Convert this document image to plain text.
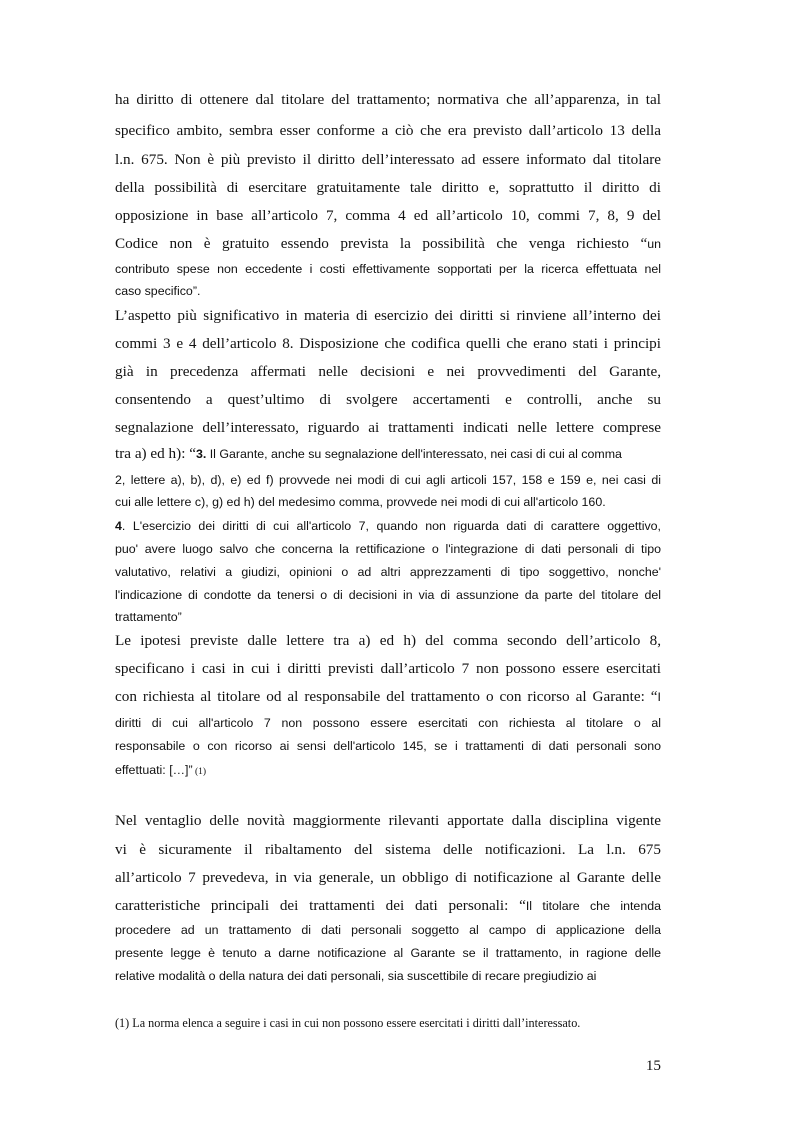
ha diritto di ottenere dal titolare del trattamento; normativa che all’apparenza, in tal
specifico ambito, sembra esser conforme a ciò che era previsto dall’articolo 13 della
l.n. 675. Non è più previsto il diritto dell’interessato ad essere informato dal titolare
della possibilità di esercitare gratuitamente tale diritto e, soprattutto il diritto di
opposizione in base all’articolo 7, comma 4 ed all’articolo 10, commi 7, 8, 9 del
Codice non è gratuito essendo prevista la possibilità che venga richiesto “un
contributo spese non eccedente i costi effettivamente sopportati per la ricerca effettuata nel
caso specifico”.
L’aspetto più significativo in materia di esercizio dei diritti si rinviene all’interno dei
commi 3 e 4 dell’articolo 8. Disposizione che codifica quelli che erano stati i principi
già in precedenza affermati nelle decisioni e nei provvedimenti del Garante,
consentendo a quest’ultimo di svolgere accertamenti e controlli, anche su
segnalazione dell’interessato, riguardo ai trattamenti indicati nelle lettere comprese
tra a) ed h): “3. Il Garante, anche su segnalazione dell'interessato, nei casi di cui al comma
2, lettere a), b), d), e) ed f) provvede nei modi di cui agli articoli 157, 158 e 159 e, nei casi di
cui alle lettere c), g) ed h) del medesimo comma, provvede nei modi di cui all'articolo 160.
4. L'esercizio dei diritti di cui all'articolo 7, quando non riguarda dati di carattere oggettivo,
puo' avere luogo salvo che concerna la rettificazione o l'integrazione di dati personali di tipo
valutativo, relativi a giudizi, opinioni o ad altri apprezzamenti di tipo soggettivo, nonche'
l'indicazione di condotte da tenersi o di decisioni in via di assunzione da parte del titolare del
trattamento”
Le ipotesi previste dalle lettere tra a) ed h) del comma secondo dell’articolo 8,
specificano i casi in cui i diritti previsti dall’articolo 7 non possono essere esercitati
con richiesta al titolare od al responsabile del trattamento o con ricorso al Garante: “I
diritti di cui all'articolo 7 non possono essere esercitati con richiesta al titolare o al
responsabile o con ricorso ai sensi dell'articolo 145, se i trattamenti di dati personali sono
effettuati: […]” (1)
Nel ventaglio delle novità maggiormente rilevanti apportate dalla disciplina vigente
vi è sicuramente il ribaltamento del sistema delle notificazioni. La l.n. 675
all’articolo 7 prevedeva, in via generale, un obbligo di notificazione al Garante delle
caratteristiche principali dei trattamenti dei dati personali: “Il titolare che intenda
procedere ad un trattamento di dati personali soggetto al campo di applicazione della
presente legge è tenuto a darne notificazione al Garante se il trattamento, in ragione delle
relative modalità o della natura dei dati personali, sia suscettibile di recare pregiudizio ai
(1) La norma elenca a seguire i casi in cui non possono essere esercitati i diritti dall’interessato.
15
